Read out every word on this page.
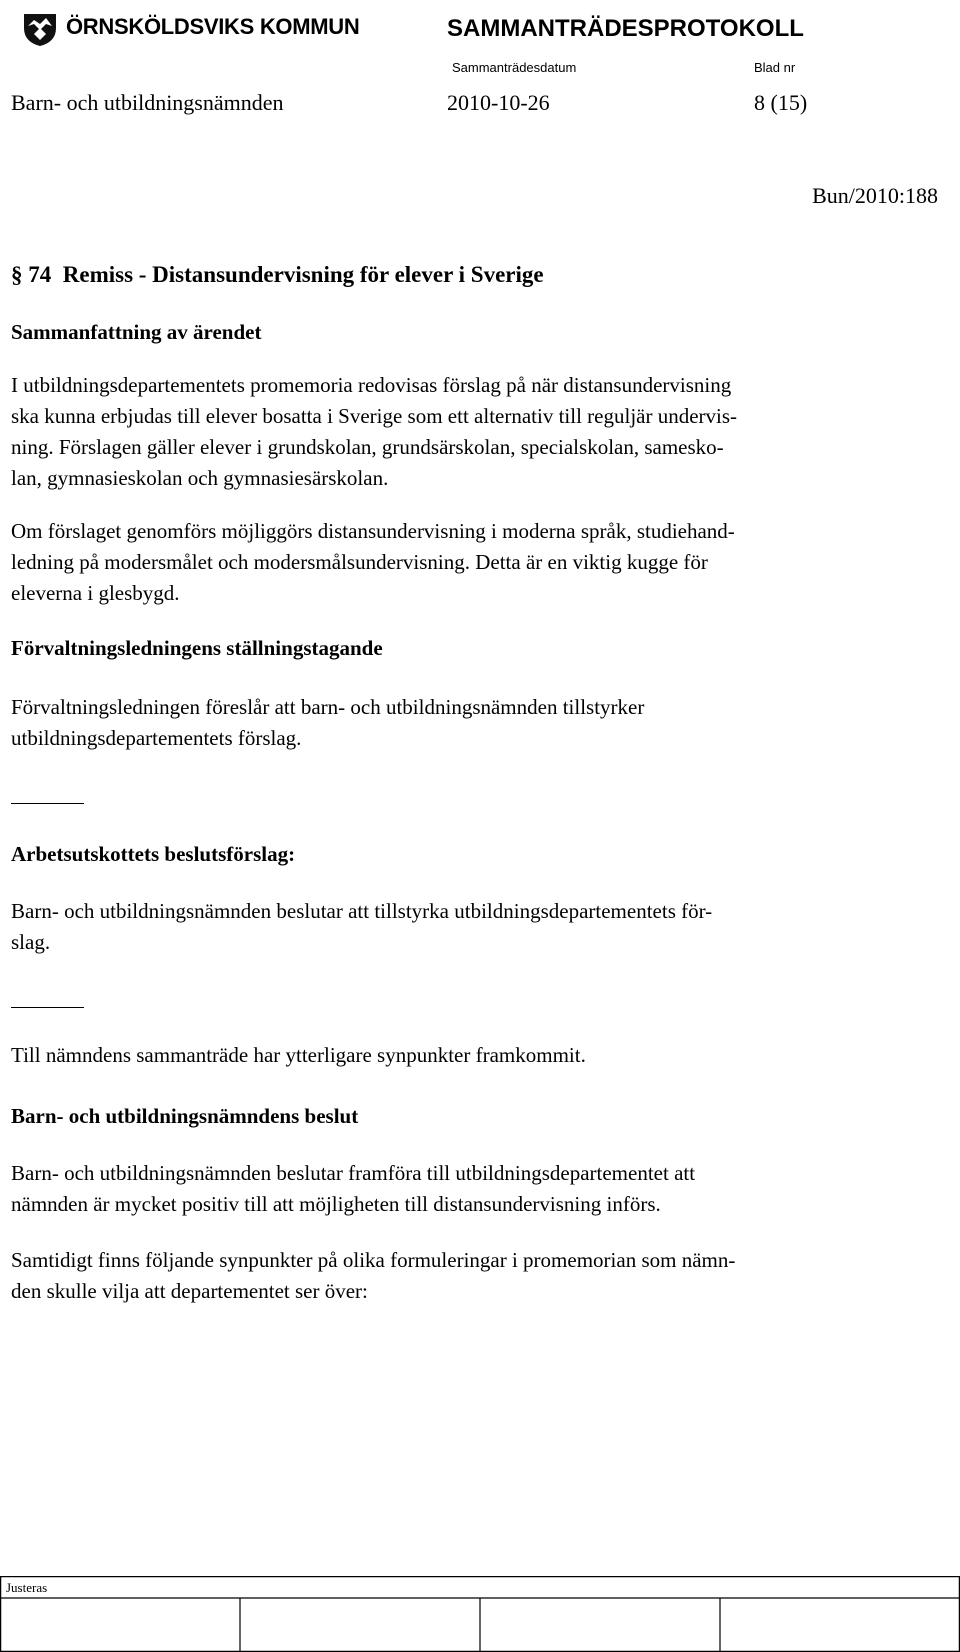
ÖRNSKÖLDSVIKS KOMMUN	SAMMANTRÄDESPROTOKOLL
Sammanträdesdatum	Blad nr
Barn- och utbildningsnämnden	2010-10-26	8 (15)
Bun/2010:188
§ 74  Remiss - Distansundervisning för elever i Sverige
Sammanfattning av ärendet

I utbildningsdepartementets promemoria redovisas förslag på när distansundervisning
ska kunna erbjudas till elever bosatta i Sverige som ett alternativ till reguljär undervis-
ning. Förslagen gäller elever i grundskolan, grundsärskolan, specialskolan, sameskо-
lan, gymnasieskolan och gymnasiesärskolan.

Om förslaget genomförs möjliggörs distansundervisning i moderna språk, studiehand-
ledning på modersmålet och modersmålsundervisning. Detta är en viktig kugge för
eleverna i glesbygd.

Förvaltningsledningens ställningstagande

Förvaltningsledningen föreslår att barn- och utbildningsnämnden tillstyrker
utbildningsdepartementets förslag.

Arbetsutskottets beslutsförslag:

Barn- och utbildningsnämnden beslutar att tillstyrka utbildningsdepartementets för-
slag.

Till nämndens sammanträde har ytterligare synpunkter framkommit.

Barn- och utbildningsnämndens beslut

Barn- och utbildningsnämnden beslutar framföra till utbildningsdepartementet att
nämnden är mycket positiv till att möjligheten till distansundervisning införs.

Samtidigt finns följande synpunkter på olika formuleringar i promemorian som nämn-
den skulle vilja att departementet ser över:

Justeras
